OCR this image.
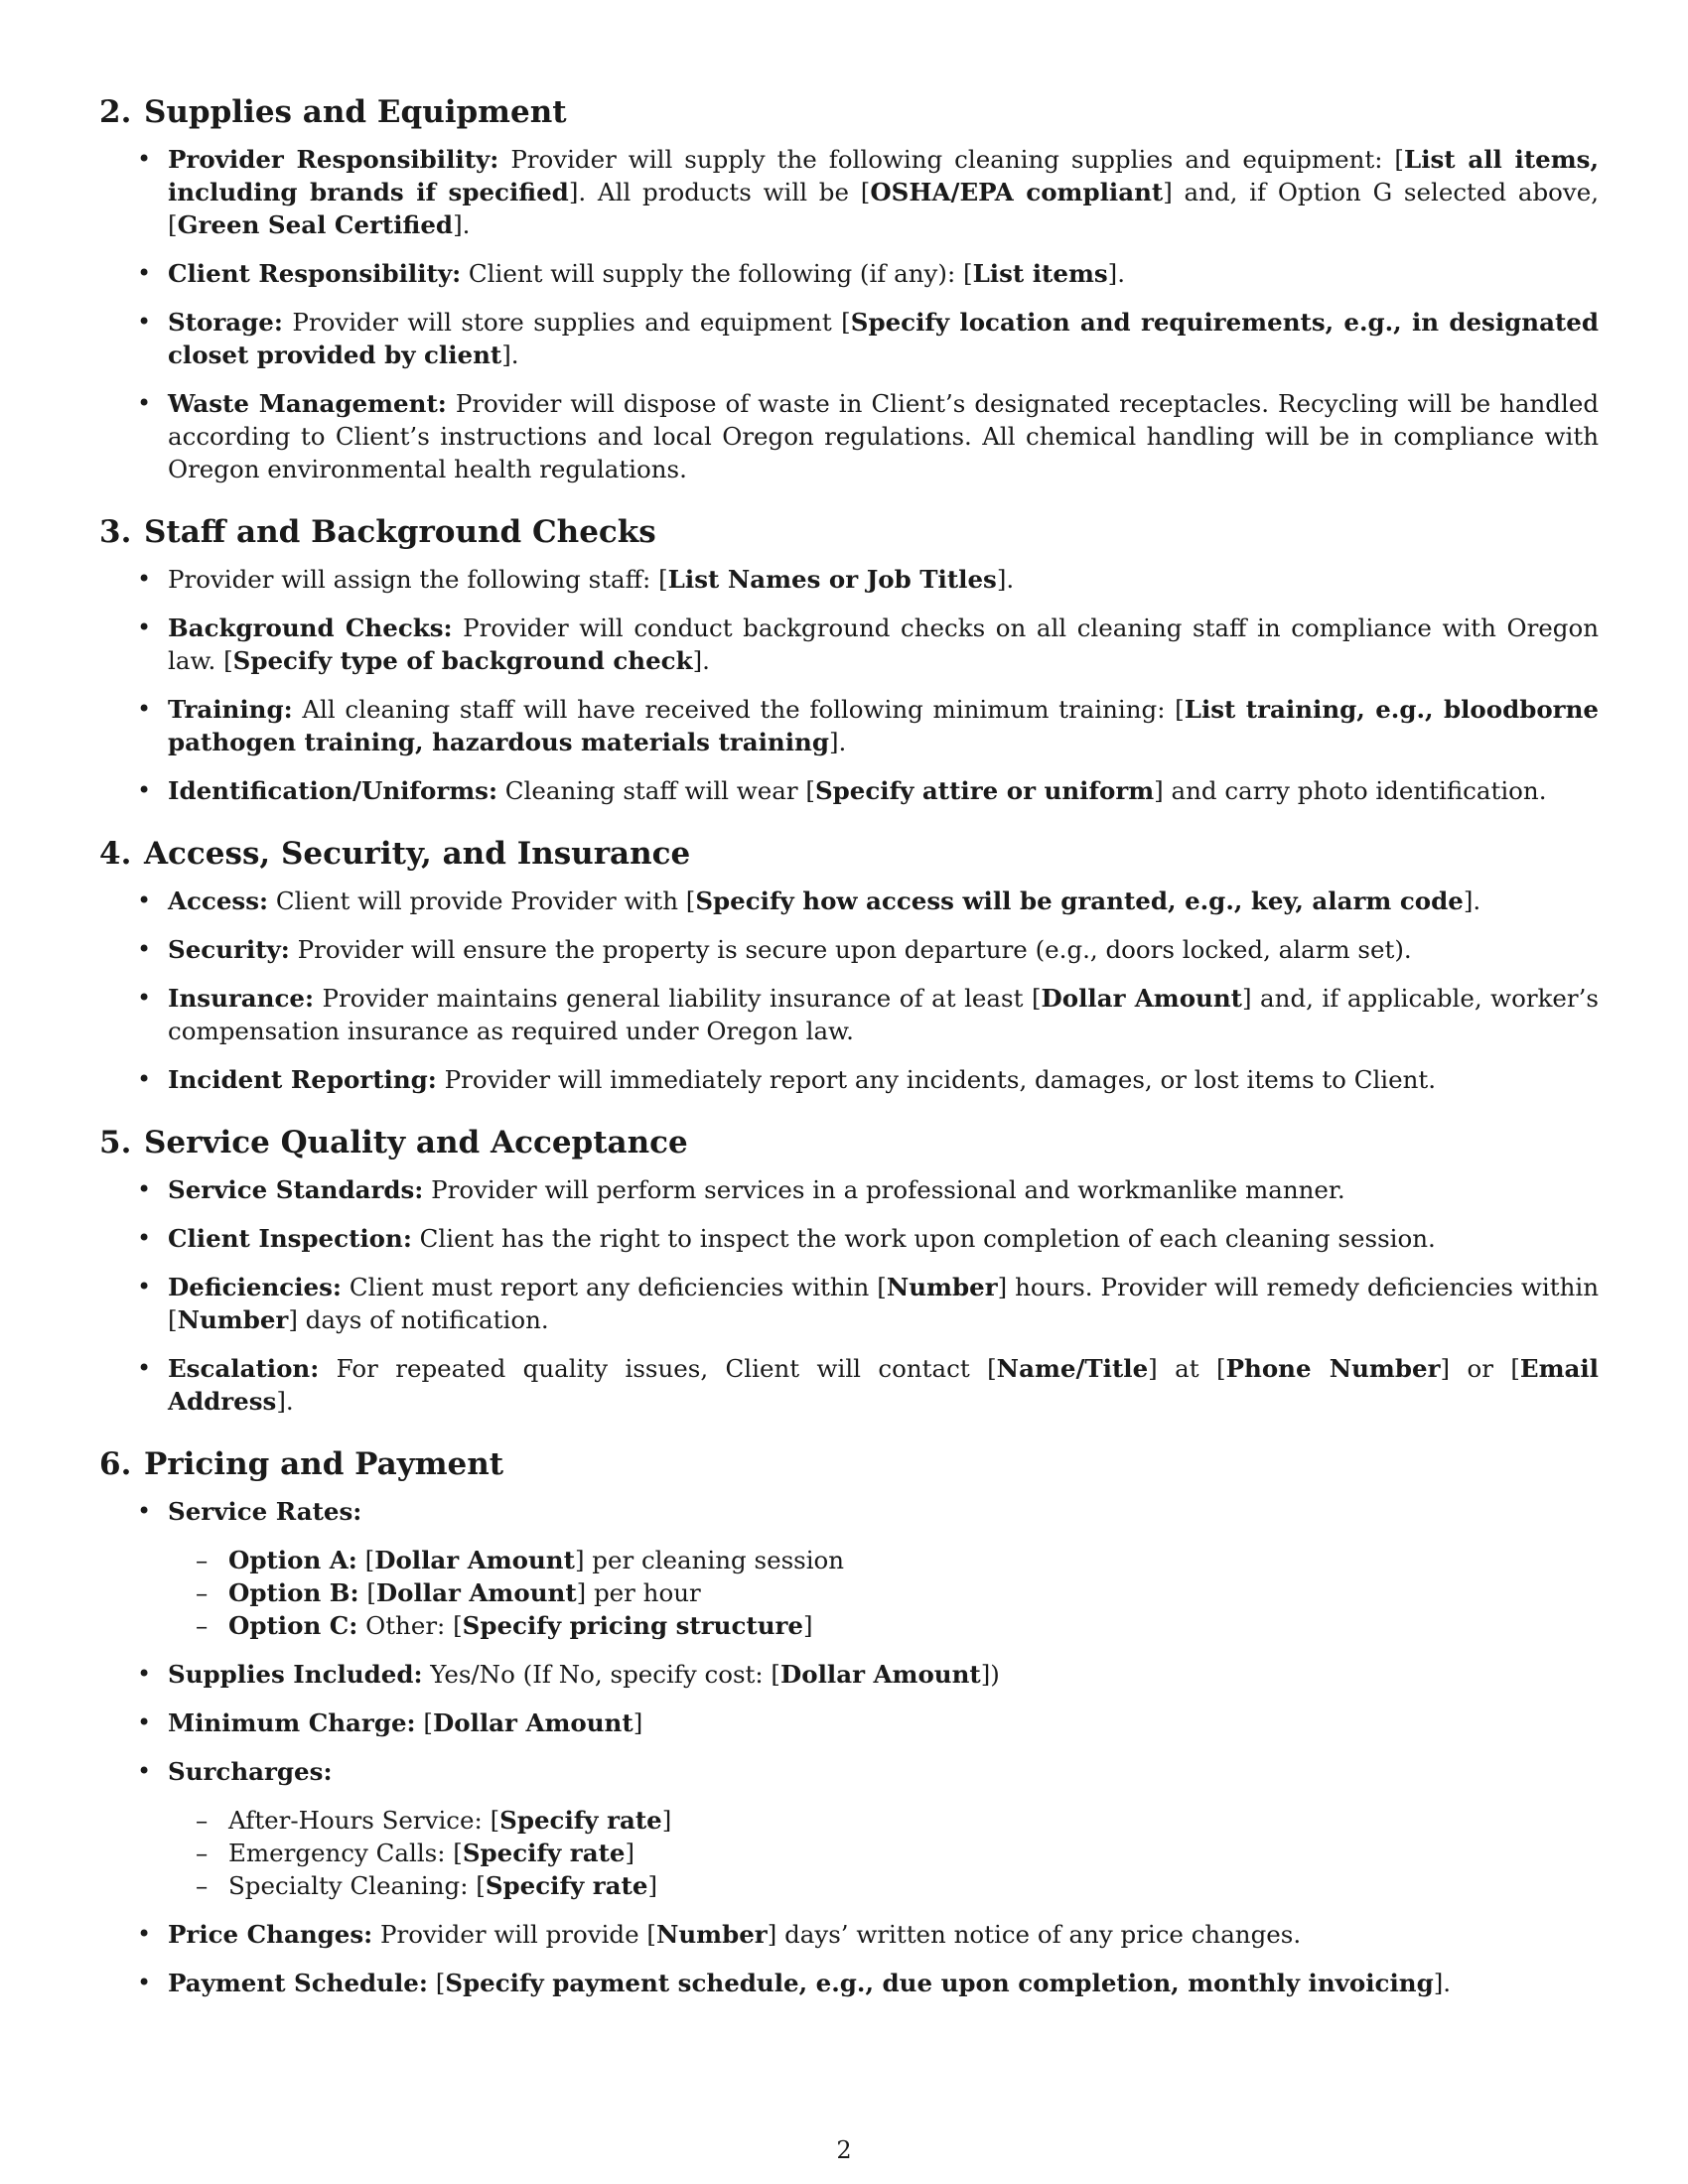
2. Supplies and Equipment
• Provider Responsibility: Provider will supply the following cleaning supplies and equipment: [List all items, including brands if specified]. All products will be [OSHA/EPA compliant] and, if Option G selected above, [Green Seal Certified].
• Client Responsibility: Client will supply the following (if any): [List items].
• Storage: Provider will store supplies and equipment [Specify location and requirements, e.g., in designated closet provided by client].
• Waste Management: Provider will dispose of waste in Client’s designated receptacles. Recycling will be handled according to Client’s instructions and local Oregon regulations. All chemical handling will be in compliance with Oregon environmental health regulations.
3. Staff and Background Checks
• Provider will assign the following staff: [List Names or Job Titles].
• Background Checks: Provider will conduct background checks on all cleaning staff in compliance with Oregon law. [Specify type of background check].
• Training: All cleaning staff will have received the following minimum training: [List training, e.g., bloodborne pathogen training, hazardous materials training].
• Identification/Uniforms: Cleaning staff will wear [Specify attire or uniform] and carry photo identification.
4. Access, Security, and Insurance
• Access: Client will provide Provider with [Specify how access will be granted, e.g., key, alarm code].
• Security: Provider will ensure the property is secure upon departure (e.g., doors locked, alarm set).
• Insurance: Provider maintains general liability insurance of at least [Dollar Amount] and, if applicable, worker’s compensation insurance as required under Oregon law.
• Incident Reporting: Provider will immediately report any incidents, damages, or lost items to Client.
5. Service Quality and Acceptance
• Service Standards: Provider will perform services in a professional and workmanlike manner.
• Client Inspection: Client has the right to inspect the work upon completion of each cleaning session.
• Deficiencies: Client must report any deficiencies within [Number] hours. Provider will remedy deficiencies within [Number] days of notification.
• Escalation: For repeated quality issues, Client will contact [Name/Title] at [Phone Number] or [Email Address].
6. Pricing and Payment
• Service Rates:
– Option A: [Dollar Amount] per cleaning session
– Option B: [Dollar Amount] per hour
– Option C: Other: [Specify pricing structure]
• Supplies Included: Yes/No (If No, specify cost: [Dollar Amount])
• Minimum Charge: [Dollar Amount]
• Surcharges:
– After-Hours Service: [Specify rate]
– Emergency Calls: [Specify rate]
– Specialty Cleaning: [Specify rate]
• Price Changes: Provider will provide [Number] days’ written notice of any price changes.
• Payment Schedule: [Specify payment schedule, e.g., due upon completion, monthly invoicing].
2
